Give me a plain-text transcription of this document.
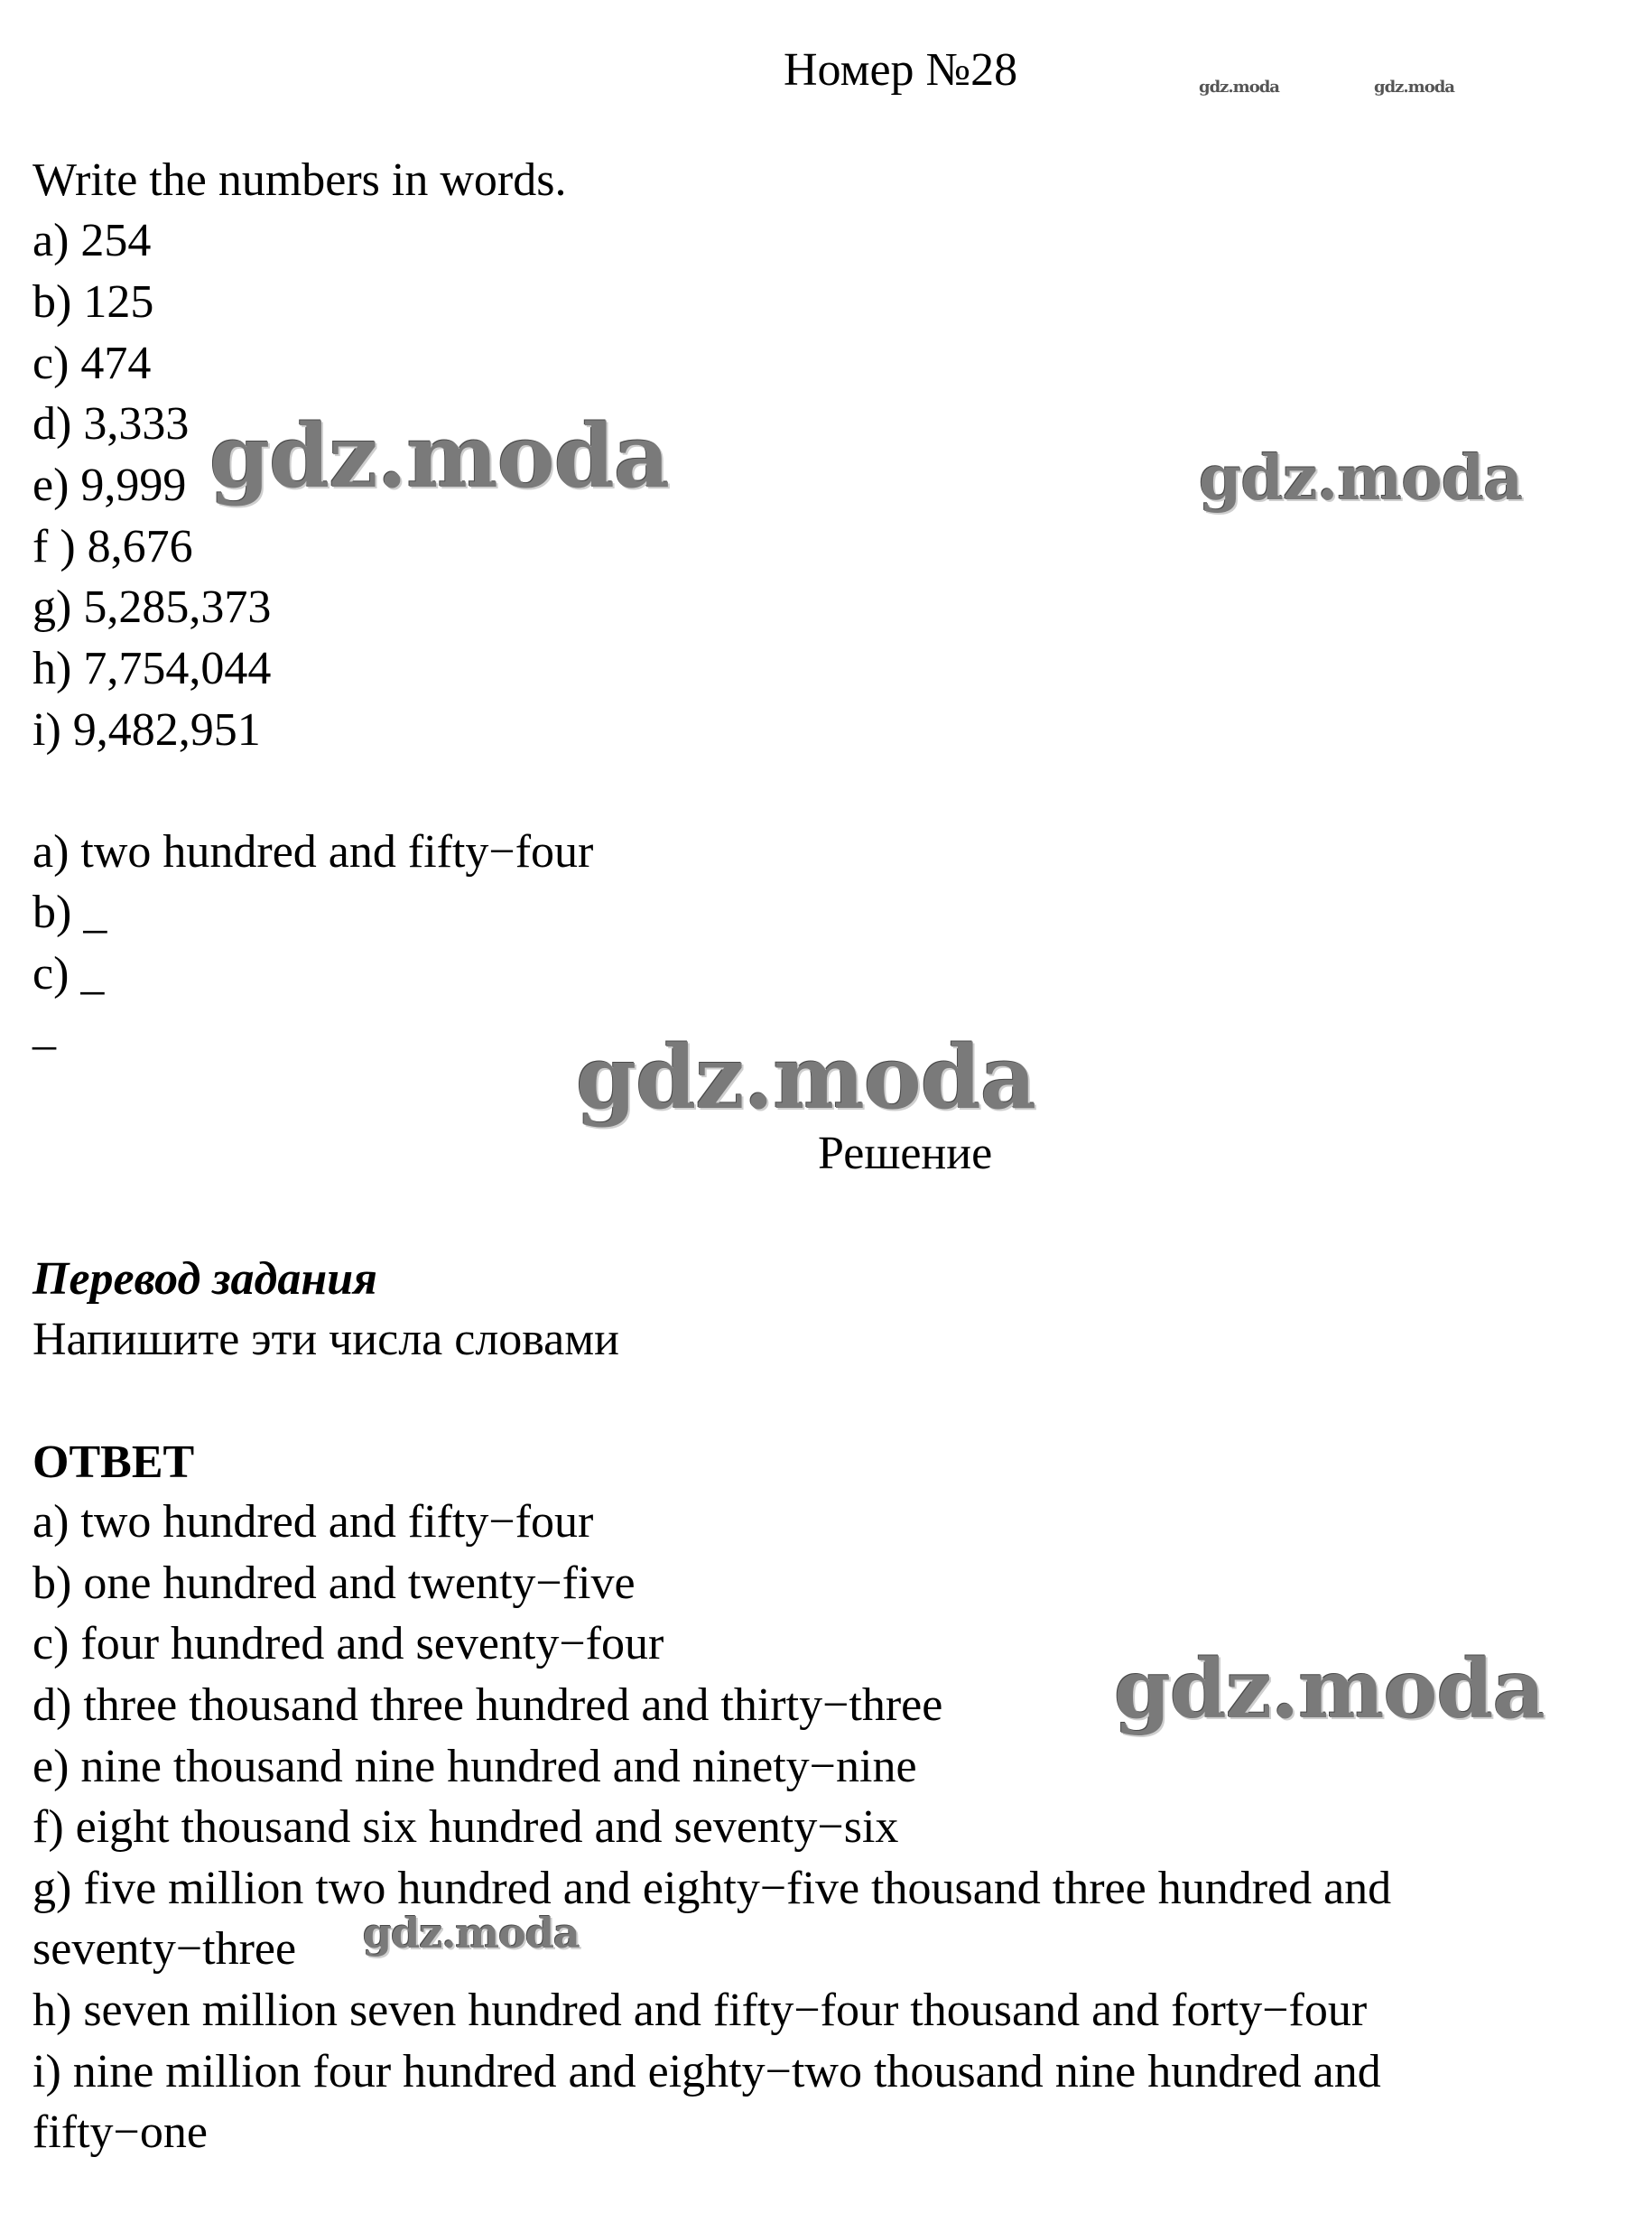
Номер №28	gdz.moda	gdz.moda
Write the numbers in words.
a) 254
b) 125
c) 474
d) 3,333
e) 9,999
f ) 8,676
g) 5,285,373
h) 7,754,044
i) 9,482,951
a) two hundred and fifty−four
b) _
c) _
_
gdz.moda	gdz.moda
gdz.moda
Решение
Перевод задания
Напишите эти числа словами
ОТВЕТ
a) two hundred and fifty−four
b) one hundred and twenty−five
c) four hundred and seventy−four
d) three thousand three hundred and thirty−three
e) nine thousand nine hundred and ninety−nine
f) eight thousand six hundred and seventy−six
g) five million two hundred and eighty−five thousand three hundred and
seventy−three
h) seven million seven hundred and fifty−four thousand and forty−four
i) nine million four hundred and eighty−two thousand nine hundred and
fifty−one
gdz.moda
gdz.moda
